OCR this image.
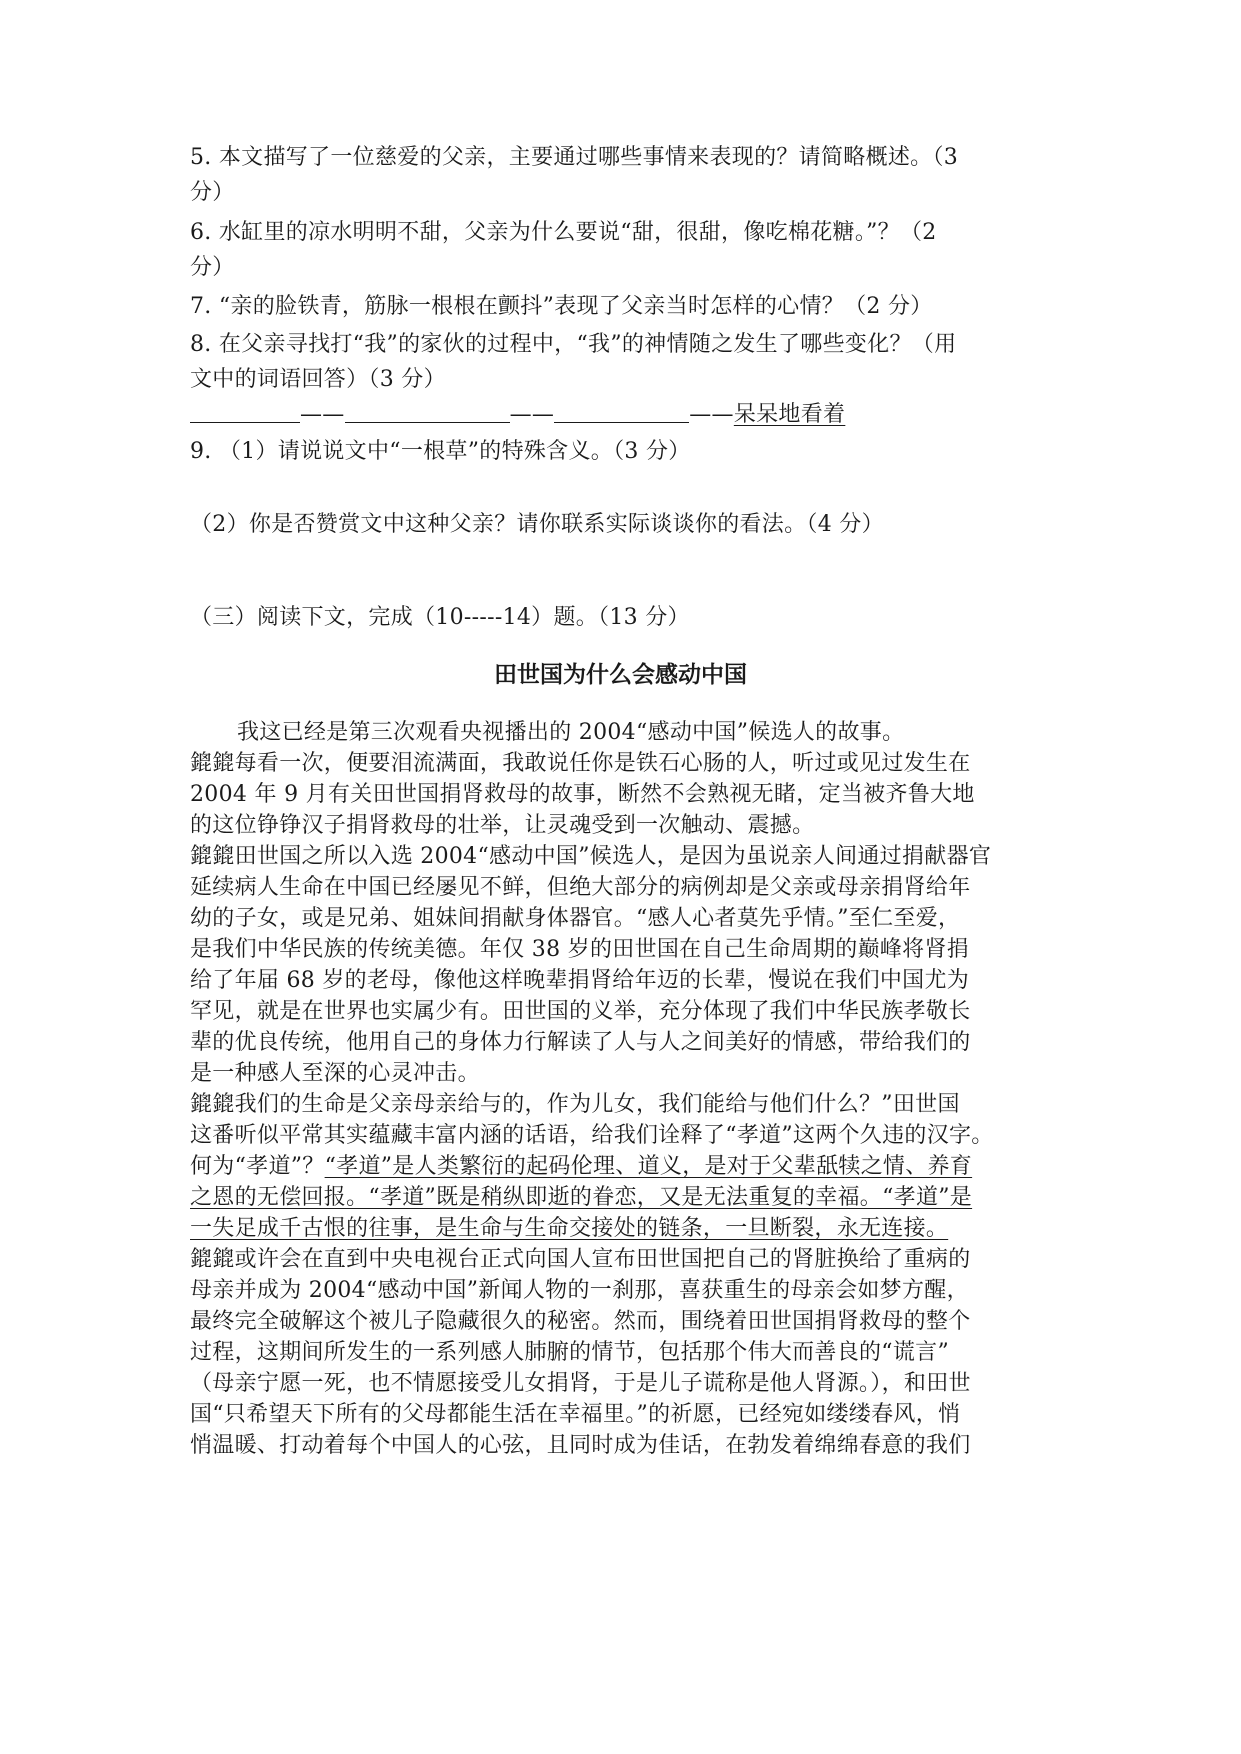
5. 本文描写了一位慈爱的父亲，主要通过哪些事情来表现的？请简略概述。（3
分）
6. 水缸里的凉水明明不甜，父亲为什么要说“甜，很甜，像吃棉花糖。”？（2
分）
7. “亲的脸铁青，筋脉一根根在颤抖”表现了父亲当时怎样的心情？（2 分）
8. 在父亲寻找打“我”的家伙的过程中，“我”的神情随之发生了哪些变化？（用
文中的词语回答）（3 分）
——	——	——呆呆地看着
9. （1）请说说文中“一根草”的特殊含义。（3 分）
（2）你是否赞赏文中这种父亲？请你联系实际谈谈你的看法。（4 分）
（三）阅读下文，完成（10-----14）题。（13 分）
田世国为什么会感动中国
我这已经是第三次观看央视播出的 2004“感动中国”候选人的故事。
鎞鎞每看一次，便要泪流满面，我敢说任你是铁石心肠的人，听过或见过发生在
2004 年 9 月有关田世国捐肾救母的故事，断然不会熟视无睹，定当被齐鲁大地
的这位铮铮汉子捐肾救母的壮举，让灵魂受到一次触动、震撼。
鎞鎞田世国之所以入选 2004“感动中国”候选人，是因为虽说亲人间通过捐献器官
延续病人生命在中国已经屡见不鲜，但绝大部分的病例却是父亲或母亲捐肾给年
幼的子女，或是兄弟、姐妹间捐献身体器官。“感人心者莫先乎情。”至仁至爱，
是我们中华民族的传统美德。年仅 38 岁的田世国在自己生命周期的巅峰将肾捐
给了年届 68 岁的老母，像他这样晚辈捐肾给年迈的长辈，慢说在我们中国尤为
罕见，就是在世界也实属少有。田世国的义举，充分体现了我们中华民族孝敬长
辈的优良传统，他用自己的身体力行解读了人与人之间美好的情感，带给我们的
是一种感人至深的心灵冲击。
鎞鎞我们的生命是父亲母亲给与的，作为儿女，我们能给与他们什么？”田世国
这番听似平常其实蕴藏丰富内涵的话语，给我们诠释了“孝道”这两个久违的汉字。
何为“孝道”？“孝道”是人类繁衍的起码伦理、道义，是对于父辈舐犊之情、养育
之恩的无偿回报。“孝道”既是稍纵即逝的眷恋，又是无法重复的幸福。“孝道”是
一失足成千古恨的往事，是生命与生命交接处的链条，一旦断裂，永无连接。
鎞鎞或许会在直到中央电视台正式向国人宣布田世国把自己的肾脏换给了重病的
母亲并成为 2004“感动中国”新闻人物的一刹那，喜获重生的母亲会如梦方醒，
最终完全破解这个被儿子隐藏很久的秘密。然而，围绕着田世国捐肾救母的整个
过程，这期间所发生的一系列感人肺腑的情节，包括那个伟大而善良的“谎言”
（母亲宁愿一死，也不情愿接受儿女捐肾，于是儿子谎称是他人肾源。），和田世
国“只希望天下所有的父母都能生活在幸福里。”的祈愿，已经宛如缕缕春风，悄
悄温暖、打动着每个中国人的心弦，且同时成为佳话，在勃发着绵绵春意的我们
